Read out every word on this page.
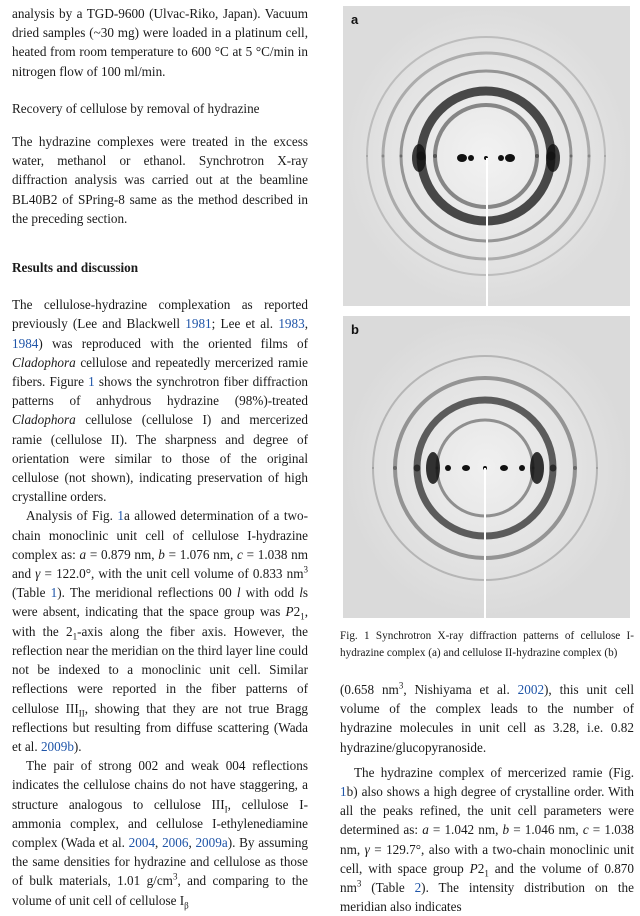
analysis by a TGD-9600 (Ulvac-Riko, Japan). Vacuum dried samples (~30 mg) were loaded in a platinum cell, heated from room temperature to 600 °C at 5 °C/min in nitrogen flow of 100 ml/min.

Recovery of cellulose by removal of hydrazine

The hydrazine complexes were treated in the excess water, methanol or ethanol. Synchrotron X-ray diffraction analysis was carried out at the beamline BL40B2 of SPring-8 same as the method described in the preceding section.

Results and discussion

The cellulose-hydrazine complexation as reported previously (Lee and Blackwell 1981; Lee et al. 1983, 1984) was reproduced with the oriented films of Cladophora cellulose and repeatedly mercerized ramie fibers. Figure 1 shows the synchrotron fiber diffraction patterns of anhydrous hydrazine (98%)-treated Cladophora cellulose (cellulose I) and mercerized ramie (cellulose II). The sharpness and degree of orientation were similar to those of the original cellulose (not shown), indicating preservation of high crystalline orders.

Analysis of Fig. 1a allowed determination of a two-chain monoclinic unit cell of cellulose I-hydrazine complex as: a = 0.879 nm, b = 1.076 nm, c = 1.038 nm and γ = 122.0°, with the unit cell volume of 0.833 $nm^3$ (Table 1). The meridional reflections 00 l with odd ls were absent, indicating that the space group was $P2_1$, with the $2_1$-axis along the fiber axis. However, the reflection near the meridian on the third layer line could not be indexed to a monoclinic unit cell. Similar reflections were reported in the fiber patterns of cellulose $III_{II}$, showing that they are not true Bragg reflections but resulting from diffuse scattering (Wada et al. 2009b).

The pair of strong 002 and weak 004 reflections indicates the cellulose chains do not have staggering, a structure analogous to cellulose $III_I$, cellulose I-ammonia complex, and cellulose I-ethylenediamine complex (Wada et al. 2004, 2006, 2009a). By assuming the same densities for hydrazine and cellulose as those of bulk materials, 1.01 $g/cm^3$, and comparing to the volume of unit cell of cellulose $I_\beta$

a
b
Fig. 1 Synchrotron X-ray diffraction patterns of cellulose I-hydrazine complex (a) and cellulose II-hydrazine complex (b)

(0.658 $nm^3$, Nishiyama et al. 2002), this unit cell volume of the complex leads to the number of hydrazine molecules in unit cell as 3.28, i.e. 0.82 hydrazine/glucopyranoside.

The hydrazine complex of mercerized ramie (Fig. 1b) also shows a high degree of crystalline order. With all the peaks refined, the unit cell parameters were determined as: a = 1.042 nm, b = 1.046 nm, c = 1.038 nm, γ = 129.7°, also with a two-chain monoclinic unit cell, with space group $P2_1$ and the volume of 0.870 $nm^3$ (Table 2). The intensity distribution on the meridian also indicates
